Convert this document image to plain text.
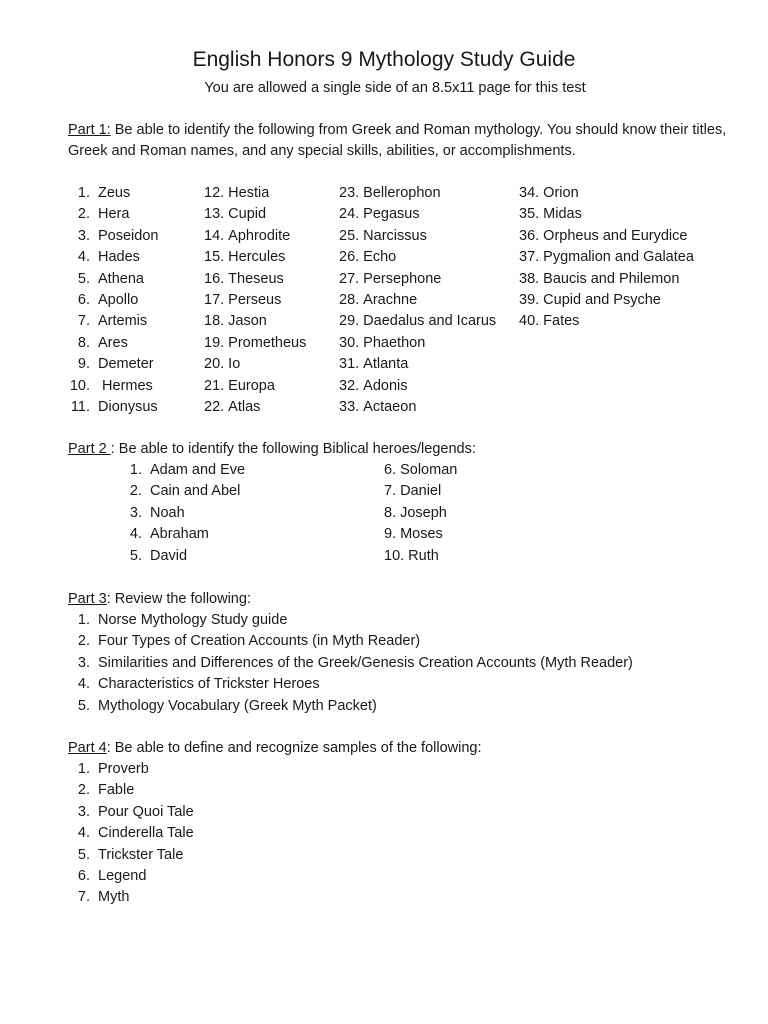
English Honors 9 Mythology Study Guide
You are allowed a single side of an 8.5x11 page for this test
Part 1: Be able to identify the following from Greek and Roman mythology. You should know their titles, Greek and Roman names, and any special skills, abilities, or accomplishments.
1. Zeus
2. Hera
3. Poseidon
4. Hades
5. Athena
6. Apollo
7. Artemis
8. Ares
9. Demeter
10. Hermes
11. Dionysus
12. Hestia
13. Cupid
14. Aphrodite
15. Hercules
16. Theseus
17. Perseus
18. Jason
19. Prometheus
20. Io
21. Europa
22. Atlas
23. Bellerophon
24. Pegasus
25. Narcissus
26. Echo
27. Persephone
28. Arachne
29. Daedalus and Icarus
30. Phaethon
31. Atlanta
32. Adonis
33. Actaeon
34. Orion
35. Midas
36. Orpheus and Eurydice
37. Pygmalion and Galatea
38. Baucis and Philemon
39. Cupid and Psyche
40. Fates
Part 2 : Be able to identify the following Biblical heroes/legends:
1. Adam and Eve
2. Cain and Abel
3. Noah
4. Abraham
5. David
6. Soloman
7. Daniel
8. Joseph
9. Moses
10. Ruth
Part 3: Review the following:
1. Norse Mythology Study guide
2. Four Types of Creation Accounts (in Myth Reader)
3. Similarities and Differences of the Greek/Genesis Creation Accounts (Myth Reader)
4. Characteristics of Trickster Heroes
5. Mythology Vocabulary (Greek Myth Packet)
Part 4: Be able to define and recognize samples of the following:
1. Proverb
2. Fable
3. Pour Quoi Tale
4. Cinderella Tale
5. Trickster Tale
6. Legend
7. Myth
